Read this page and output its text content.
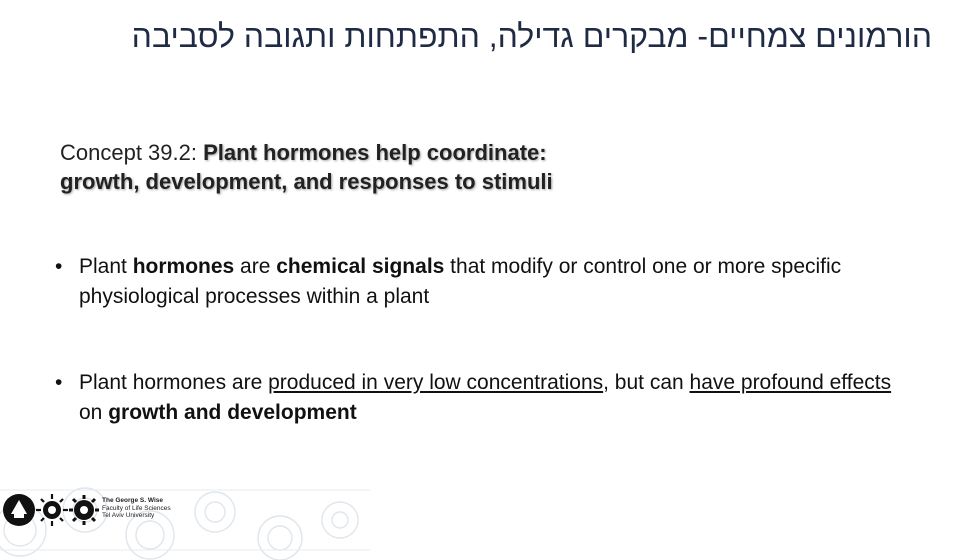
הורמונים צמחיים- מבקרים גדילה, התפתחות ותגובה לסביבה
Concept 39.2: Plant hormones help coordinate:
growth, development, and responses to stimuli
• Plant hormones are chemical signals that modify or control one or more specific physiological processes within a plant
• Plant hormones are produced in very low concentrations, but can have profound effects on growth and development
The George S. Wise
Faculty of Life Sciences
Tel Aviv University
